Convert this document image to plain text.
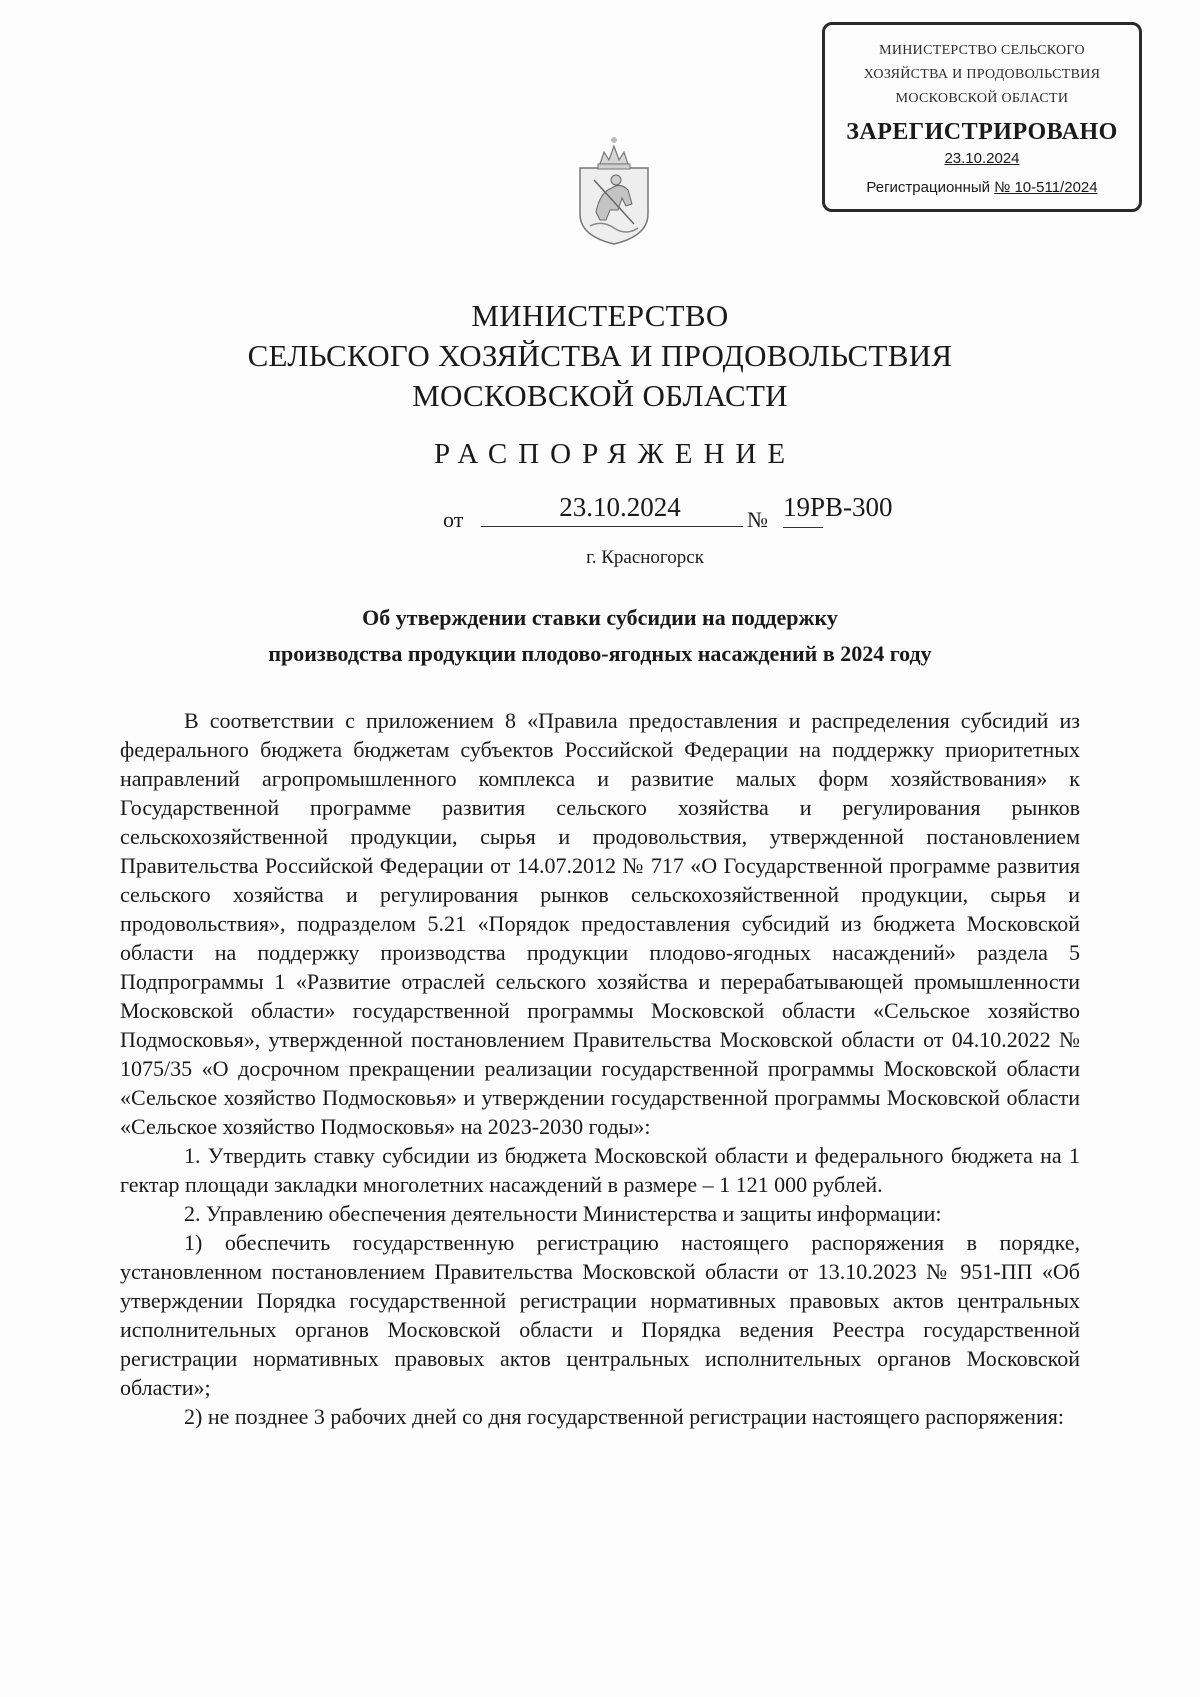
МИНИСТЕРСТВО СЕЛЬСКОГО
ХОЗЯЙСТВА И ПРОДОВОЛЬСТВИЯ
МОСКОВСКОЙ ОБЛАСТИ
ЗАРЕГИСТРИРОВАНО
23.10.2024
Регистрационный № 10-511/2024
МИНИСТЕРСТВО
СЕЛЬСКОГО ХОЗЯЙСТВА И ПРОДОВОЛЬСТВИЯ
МОСКОВСКОЙ ОБЛАСТИ
РАСПОРЯЖЕНИЕ
от	23.10.2024	№ 19РВ-300
г. Красногорск
Об утверждении ставки субсидии на поддержку
производства продукции плодово-ягодных насаждений в 2024 году

В соответствии с приложением 8 «Правила предоставления и распределения субсидий из федерального бюджета бюджетам субъектов Российской Федерации на поддержку приоритетных направлений агропромышленного комплекса и развитие малых форм хозяйствования» к Государственной программе развития сельского хозяйства и регулирования рынков сельскохозяйственной продукции, сырья и продовольствия, утвержденной постановлением Правительства Российской Федерации от 14.07.2012 № 717 «О Государственной программе развития сельского хозяйства и регулирования рынков сельскохозяйственной продукции, сырья и продовольствия», подразделом 5.21 «Порядок предоставления субсидий из бюджета Московской области на поддержку производства продукции плодово-ягодных насаждений» раздела 5 Подпрограммы 1 «Развитие отраслей сельского хозяйства и перерабатывающей промышленности Московской области» государственной программы Московской области «Сельское хозяйство Подмосковья», утвержденной постановлением Правительства Московской области от 04.10.2022 № 1075/35 «О досрочном прекращении реализации государственной программы Московской области «Сельское хозяйство Подмосковья» и утверждении государственной программы Московской области «Сельское хозяйство Подмосковья» на 2023-2030 годы»:

1. Утвердить ставку субсидии из бюджета Московской области и федерального бюджета на 1 гектар площади закладки многолетних насаждений в размере – 1 121 000 рублей.

2. Управлению обеспечения деятельности Министерства и защиты информации:

1) обеспечить государственную регистрацию настоящего распоряжения в порядке, установленном постановлением Правительства Московской области от 13.10.2023 № 951-ПП «Об утверждении Порядка государственной регистрации нормативных правовых актов центральных исполнительных органов Московской области и Порядка ведения Реестра государственной регистрации нормативных правовых актов центральных исполнительных органов Московской области»;

2) не позднее 3 рабочих дней со дня государственной регистрации настоящего распоряжения:
